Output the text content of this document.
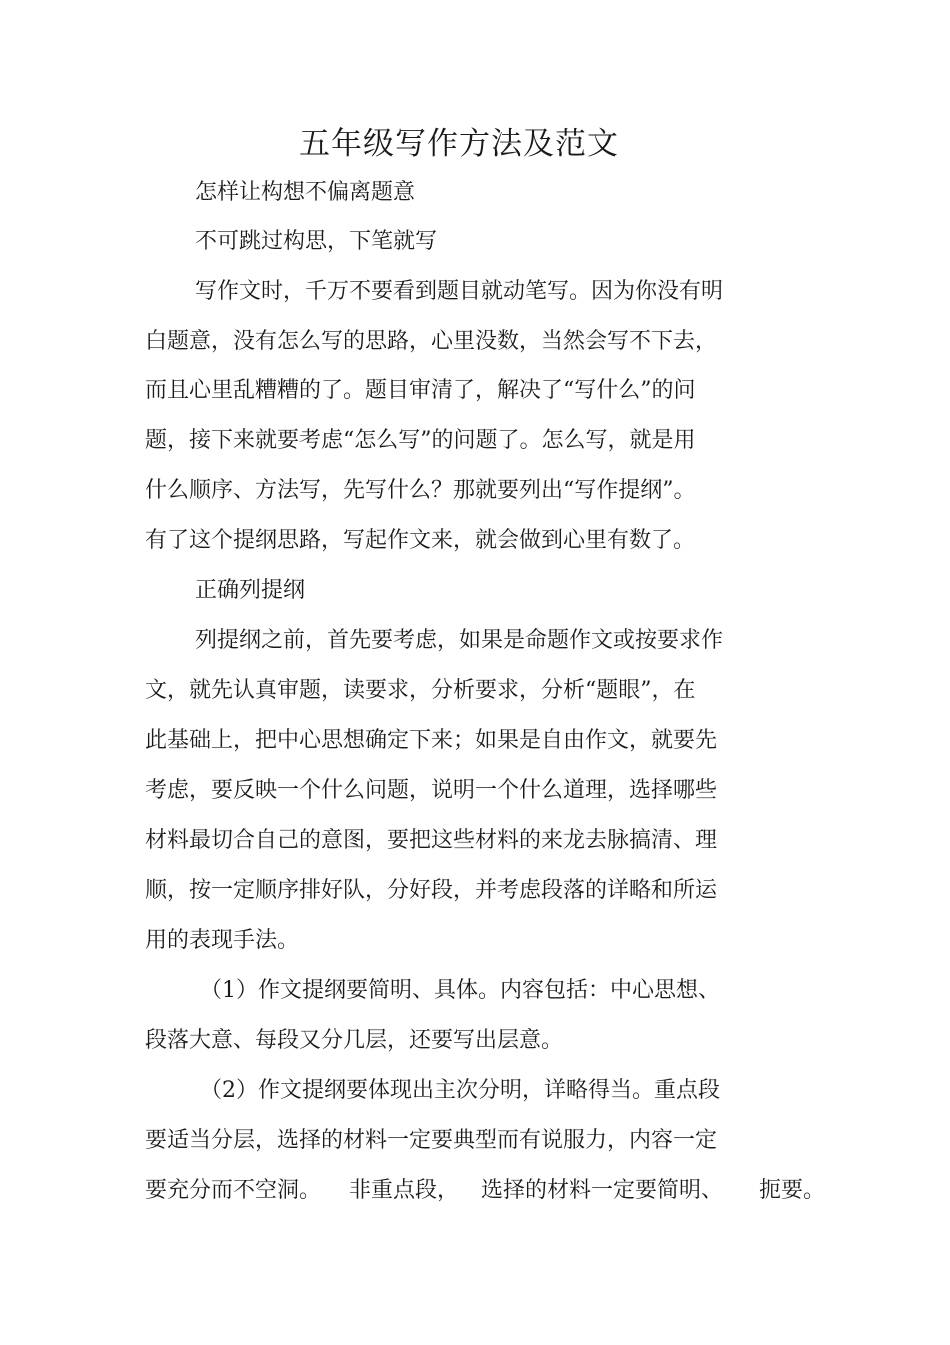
五年级写作方法及范文

怎样让构想不偏离题意

不可跳过构思，下笔就写

写作文时，千万不要看到题目就动笔写。因为你没有明

白题意，没有怎么写的思路，心里没数，当然会写不下去，

而且心里乱糟糟的了。题目审清了，解决了“写什么”的问

题，接下来就要考虑“怎么写”的问题了。怎么写，就是用

什么顺序、方法写，先写什么？那就要列出“写作提纲”。

有了这个提纲思路，写起作文来，就会做到心里有数了。

正确列提纲

列提纲之前，首先要考虑，如果是命题作文或按要求作

文，就先认真审题，读要求，分析要求，分析“题眼”，在

此基础上，把中心思想确定下来；如果是自由作文，就要先

考虑，要反映一个什么问题，说明一个什么道理，选择哪些

材料最切合自己的意图，要把这些材料的来龙去脉搞清、理

顺，按一定顺序排好队，分好段，并考虑段落的详略和所运

用的表现手法。

（1）作文提纲要简明、具体。内容包括：中心思想、

段落大意、每段又分几层，还要写出层意。

（2）作文提纲要体现出主次分明，详略得当。重点段

要适当分层，选择的材料一定要典型而有说服力，内容一定

要充分而不空洞。 非重点段， 选择的材料一定要简明、 扼要。
